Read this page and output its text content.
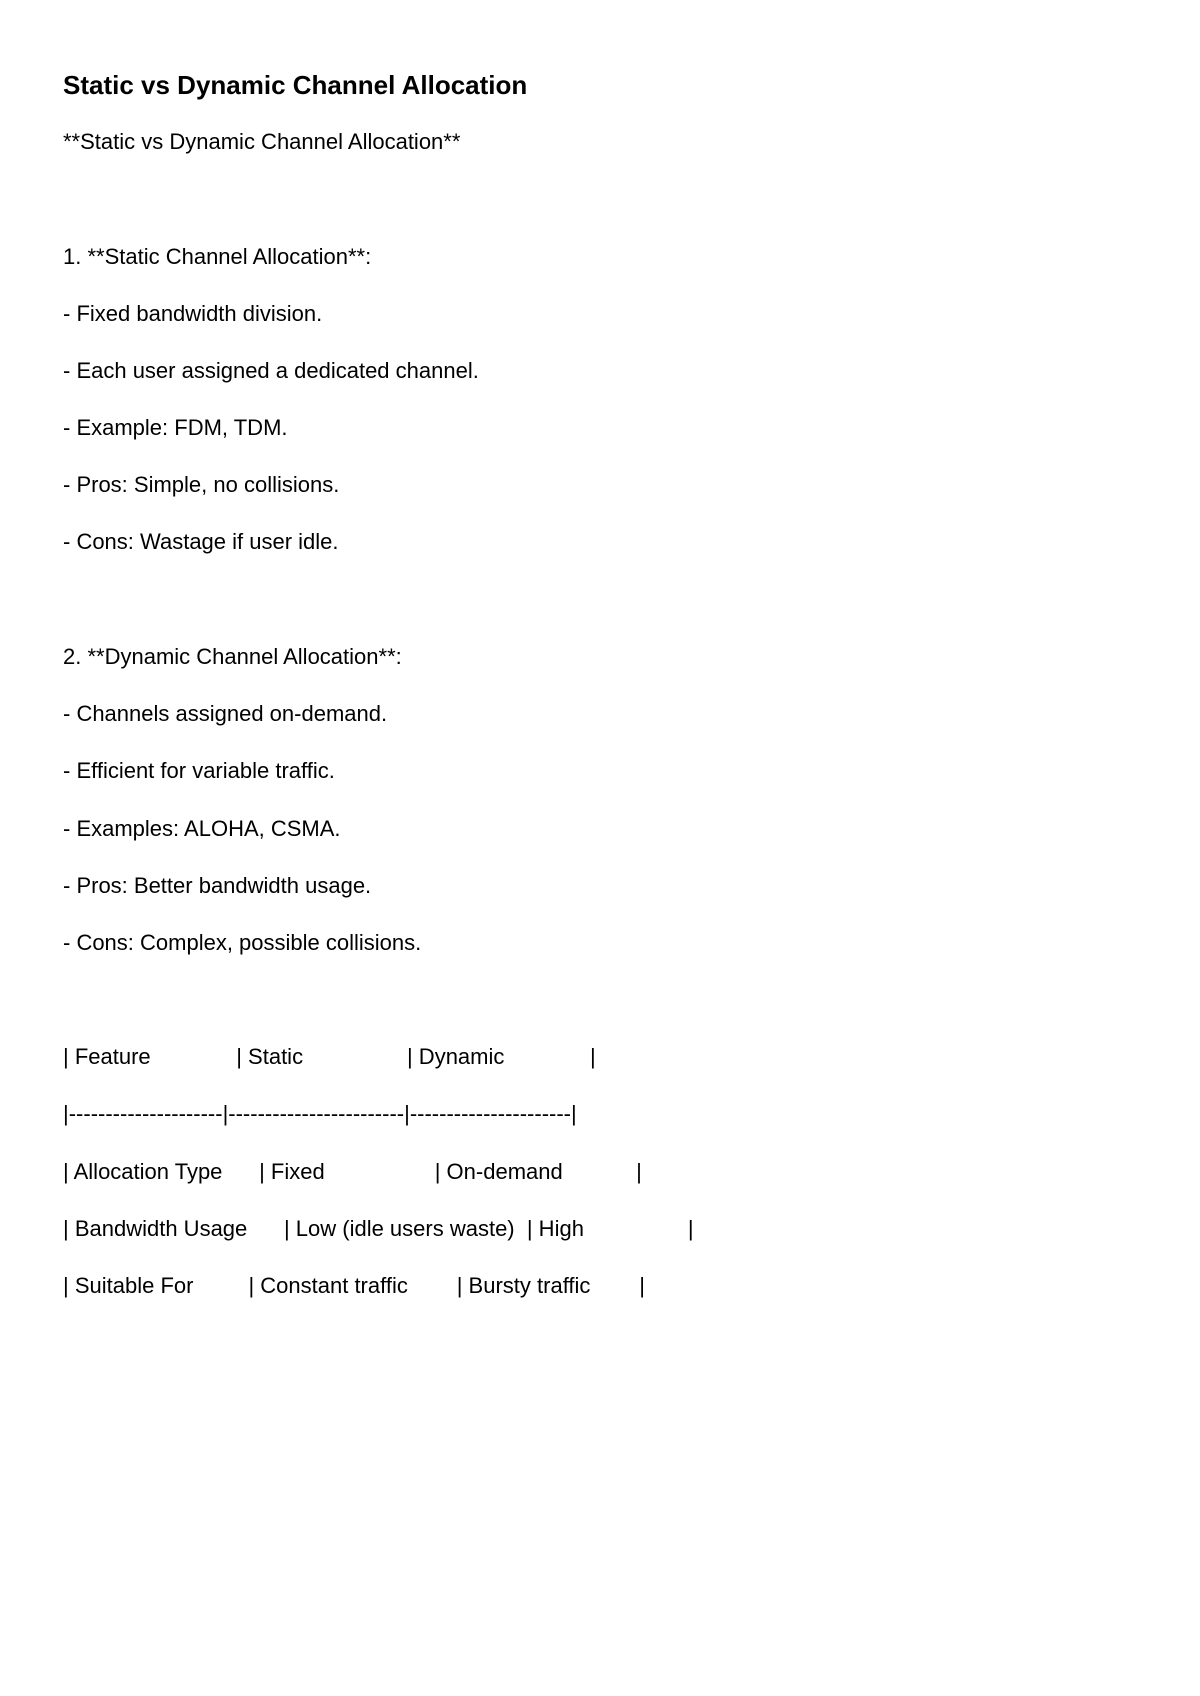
Static vs Dynamic Channel Allocation
**Static vs Dynamic Channel Allocation**
1. **Static Channel Allocation**:
- Fixed bandwidth division.
- Each user assigned a dedicated channel.
- Example: FDM, TDM.
- Pros: Simple, no collisions.
- Cons: Wastage if user idle.
2. **Dynamic Channel Allocation**:
- Channels assigned on-demand.
- Efficient for variable traffic.
- Examples: ALOHA, CSMA.
- Pros: Better bandwidth usage.
- Cons: Complex, possible collisions.
| Feature              | Static                 | Dynamic              |
|---------------------|------------------------|----------------------|
| Allocation Type      | Fixed                  | On-demand            |
| Bandwidth Usage      | Low (idle users waste)  | High                 |
| Suitable For         | Constant traffic        | Bursty traffic        |
